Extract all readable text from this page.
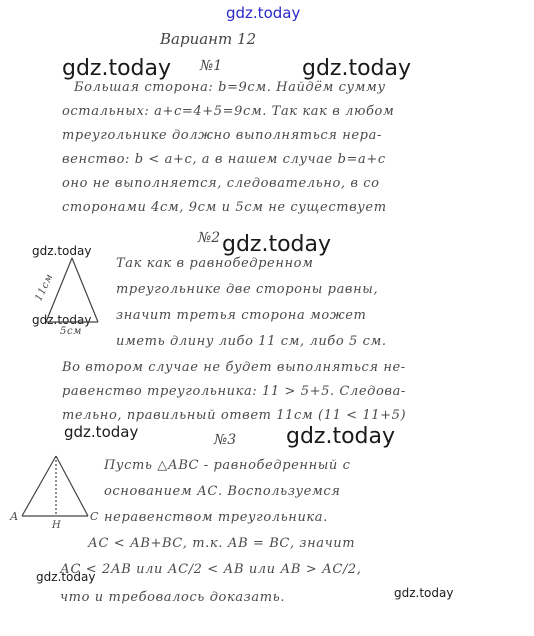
gdz.today
gdz.today	gdz.today
gdz.today
gdz.today
gdz.today
gdz.today	gdz.today
gdz.today
gdz.today
Вариант 12
№1
Большая сторона: b=9см. Найдём сумму
остальных: a+c=4+5=9см. Так как в любом
треугольнике должно выполняться нера-
венство: b < a+c, а в нашем случае b=a+c
оно не выполняется, следовательно, в со
сторонами 4см, 9см и 5см не существует
№2
Так как в равнобедренном
треугольнике две стороны равны,
значит третья сторона может
иметь длину либо 11 см, либо 5 см.
Во втором случае не будет выполняться не-
равенство треугольника: 11 > 5+5. Следова-
тельно, правильный ответ 11см (11 < 11+5)
№3
Пусть △АВС - равнобедренный с
основанием АС. Воспользуемся
неравенством треугольника.
АС < АВ+ВС, т.к. АВ = ВС, значит
АС < 2АВ или АС/2 < АВ или АВ > АС/2,
что и требовалось доказать.
11см
5см
А	С
Н
